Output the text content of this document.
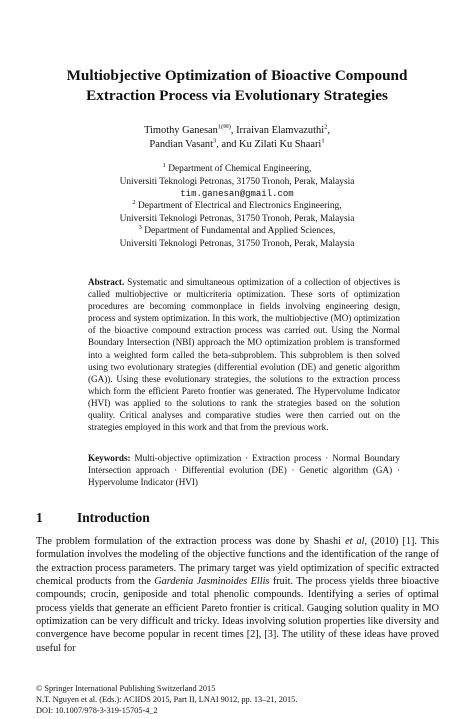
Multiobjective Optimization of Bioactive Compound
Extraction Process via Evolutionary Strategies
Timothy Ganesan$^{1(✉)}$, Irraivan Elamvazuthi$^2$,
Pandian Vasant$^3$, and Ku Zilati Ku Shaari$^1$
$^1$ Department of Chemical Engineering,
Universiti Teknologi Petronas, 31750 Tronoh, Perak, Malaysia
tim.ganesan@gmail.com
$^2$ Department of Electrical and Electronics Engineering,
Universiti Teknologi Petronas, 31750 Tronoh, Perak, Malaysia
$^3$ Department of Fundamental and Applied Sciences,
Universiti Teknologi Petronas, 31750 Tronoh, Perak, Malaysia
Abstract. Systematic and simultaneous optimization of a collection of objectives is called multiobjective or multicriteria optimization. These sorts of optimization procedures are becoming commonplace in fields involving engineering design, process and system optimization. In this work, the multiobjective (MO) optimization of the bioactive compound extraction process was carried out. Using the Normal Boundary Intersection (NBI) approach the MO optimization problem is transformed into a weighted form called the beta-subproblem. This subproblem is then solved using two evolutionary strategies (differential evolution (DE) and genetic algorithm (GA)). Using these evolutionary strategies, the solutions to the extraction process which form the efficient Pareto frontier was generated. The Hypervolume Indicator (HVI) was applied to the solutions to rank the strategies based on the solution quality. Critical analyses and comparative studies were then carried out on the strategies employed in this work and that from the previous work.
Keywords: Multi-objective optimization · Extraction process · Normal Boundary Intersection approach · Differential evolution (DE) · Genetic algorithm (GA) · Hypervolume Indicator (HVI)
1	Introduction
The problem formulation of the extraction process was done by Shashi et al, (2010) [1]. This formulation involves the modeling of the objective functions and the identification of the range of the extraction process parameters. The primary target was yield optimization of specific extracted chemical products from the Gardenia Jasminoides Ellis fruit. The process yields three bioactive compounds; crocin, geniposide and total phenolic compounds. Identifying a series of optimal process yields that generate an efficient Pareto frontier is critical. Gauging solution quality in MO optimization can be very difficult and tricky. Ideas involving solution properties like diversity and convergence have become popular in recent times [2], [3]. The utility of these ideas have proved useful for
© Springer International Publishing Switzerland 2015
N.T. Nguyen et al. (Eds.): ACIIDS 2015, Part II, LNAI 9012, pp. 13–21, 2015.
DOI: 10.1007/978-3-319-15705-4_2
